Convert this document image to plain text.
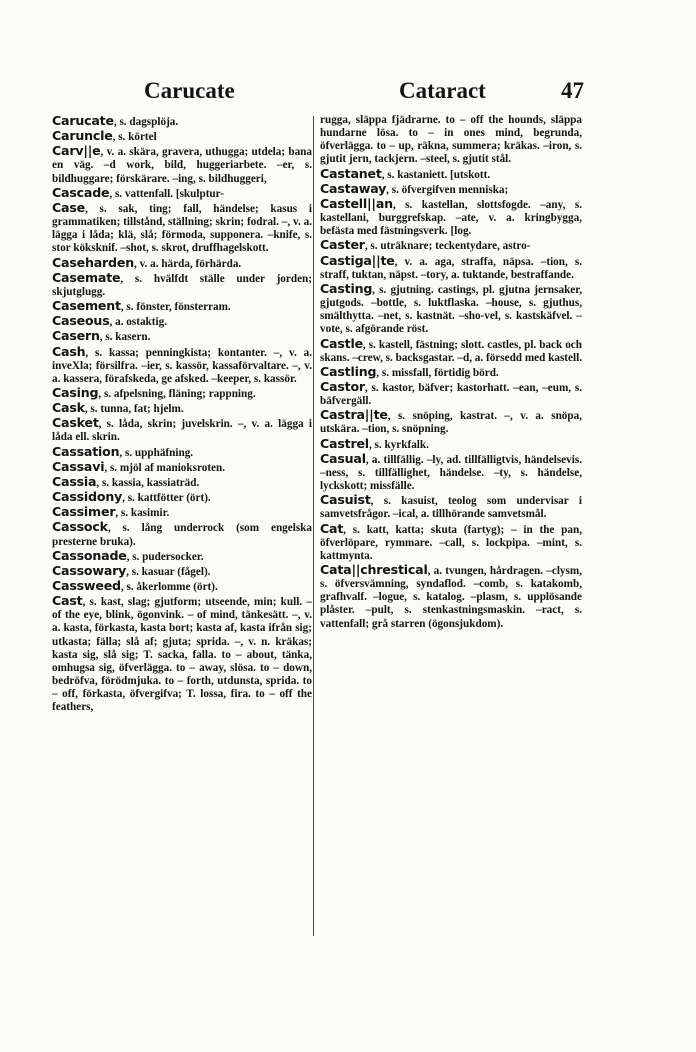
Carucate	Cataract	47

Carucate, s. dagsplöja.

Caruncle, s. körtel

Carv||e, v. a. skära, gravera, uthugga; utdela; bana en väg. –d work, bild, huggeriarbete. –er, s. bildhuggare; förskärare. –ing, s. bildhuggeri,

Cascade, s. vattenfall. [skulptur-

Case, s. sak, ting; fall, händelse; kasus i grammatiken; tillstånd, ställning; skrin; fodral. –, v. a. lägga i låda; klä, slå; förmoda, supponera. –knife, s. stor köksknif. –shot, s. skrot, druffhagelskott.

Caseharden, v. a. härda, förhärda.

Casemate, s. hvälfdt ställe under jorden; skjutglugg.

Casement, s. fönster, fönsterram.

Caseous, a. ostaktig.

Casern, s. kasern.

Cash, s. kassa; penningkista; kontanter. –, v. a. inveXla; försilfra. –ier, s. kassör, kassaförvaltare. –, v. a. kassera, förafskeda, ge afsked. –keeper, s. kassör.

Casing, s. afpelsning, fläning; rappning.

Cask, s. tunna, fat; hjelm.

Casket, s. låda, skrin; juvelskrin. –, v. a. lägga i låda ell. skrin.

Cassation, s. upphäfning.

Cassavi, s. mjöl af manioksroten.

Cassia, s. kassia, kassiaträd.

Cassidony, s. kattfötter (ört).

Cassimer, s. kasimir.

Cassock, s. lång underrock (som engelska presterne bruka).

Cassonade, s. pudersocker.

Cassowary, s. kasuar (fågel).

Cassweed, s. åkerlomme (ört).

Cast, s. kast, slag; gjutform; utseende, min; kull. – of the eye, blink, ögonvink. – of mind, tänkesätt. –, v. a. kasta, förkasta, kasta bort; kasta af, kasta ifrån sig; utkasta; fälla; slå af; gjuta; sprida. –, v. n. kräkas; kasta sig, slå sig; T. sacka, falla. to – about, tänka, omhugsa sig, öfverlägga. to – away, slösa. to – down, bedröfva, förödmjuka. to – forth, utdunsta, sprida. to – off, förkasta, öfvergifva; T. lossa, fira. to – off the feathers,

rugga, släppa fjädrarne. to – off the hounds, släppa hundarne lösa. to – in ones mind, begrunda, öfverlägga. to – up, räkna, summera; kräkas. –iron, s. gjutit jern, tackjern. –steel, s. gjutit stål.

Castanet, s. kastaniett. [utskott.

Castaway, s. öfvergifven menniska;

Castell||an, s. kastellan, slottsfogde. –any, s. kastellani, burggrefskap. –ate, v. a. kringbygga, befästa med fästningsverk. [log.

Caster, s. uträknare; teckentydare, astro-

Castiga||te, v. a. aga, straffa, näpsa. –tion, s. straff, tuktan, näpst. –tory, a. tuktande, bestraffande.

Casting, s. gjutning. castings, pl. gjutna jernsaker, gjutgods. –bottle, s. luktflaska. –house, s. gjuthus, smälthytta. –net, s. kastnät. –sho-vel, s. kastskäfvel. –vote, s. afgörande röst.

Castle, s. kastell, fästning; slott. castles, pl. back och skans. –crew, s. backsgastar. –d, a. försedd med kastell.

Castling, s. missfall, förtidig börd.

Castor, s. kastor, bäfver; kastorhatt. –ean, –eum, s. bäfvergäll.

Castra||te, s. snöping, kastrat. –, v. a. snöpa, utskära. –tion, s. snöpning.

Castrel, s. kyrkfalk.

Casual, a. tillfällig. –ly, ad. tillfälligtvis, händelsevis. –ness, s. tillfällighet, händelse. –ty, s. händelse, lyckskott; missfälle.

Casuist, s. kasuist, teolog som undervisar i samvetsfrågor. –ical, a. tillhörande samvetsmål.

Cat, s. katt, katta; skuta (fartyg); – in the pan, öfverlöpare, rymmare. –call, s. lockpipa. –mint, s. kattmynta.

Cata||chrestical, a. tvungen, hårdragen. –clysm, s. öfversvämning, syndaflod. –comb, s. katakomb, grafhvalf. –logue, s. katalog. –plasm, s. upplösande plåster. –pult, s. stenkastningsmaskin. –ract, s. vattenfall; grå starren (ögonsjukdom).
